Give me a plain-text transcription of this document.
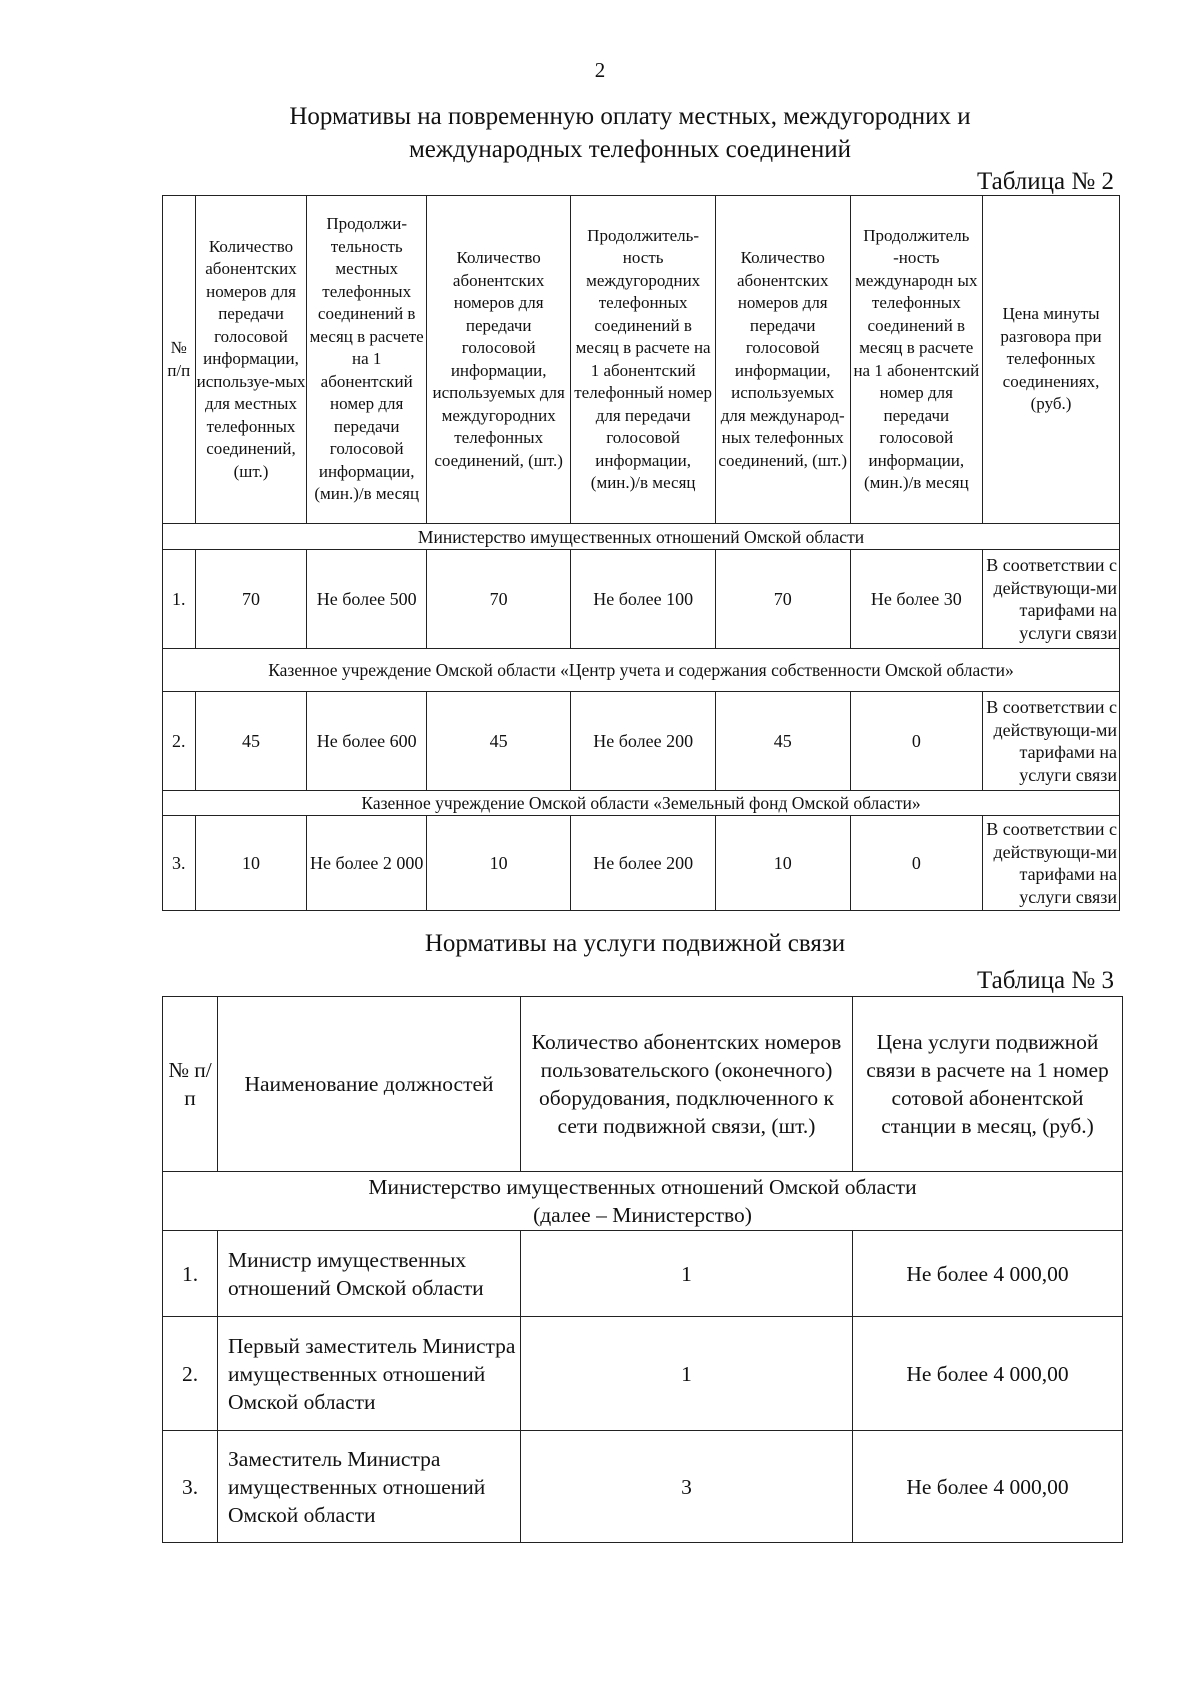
2
Нормативы на повременную оплату местных, междугородних и
международных телефонных соединений
Таблица № 2
№ п/п	Количество абонентских номеров для передачи голосовой информации, используе-мых для местных телефонных соединений, (шт.)	Продолжи-тельность местных телефонных соединений в месяц в расчете на 1 абонентский номер для передачи голосовой информации, (мин.)/в месяц	Количество абонентских номеров для передачи голосовой информации, используемых для междугородних телефонных соединений, (шт.)	Продолжитель-ность междугородних телефонных соединений в месяц в расчете на 1 абонентский телефонный номер для передачи голосовой информации, (мин.)/в месяц	Количество абонентских номеров для передачи голосовой информации, используемых для международ-ных телефонных соединений, (шт.)	Продолжитель -ность международн ых телефонных соединений в месяц в расчете на 1 абонентский номер для передачи голосовой информации, (мин.)/в месяц	Цена минуты разговора при телефонных соединениях, (руб.)
Министерство имущественных отношений Омской области							
1.	70	Не более 500	70	Не более 100	70	Не более 30	В соответствии с действующи-ми тарифами на услуги связи
Казенное учреждение Омской области «Центр учета и содержания собственности Омской области»							
2.	45	Не более 600	45	Не более 200	45	0	В соответствии с действующи-ми тарифами на услуги связи
Казенное учреждение Омской области «Земельный фонд Омской области»							
3.	10	Не более 2 000	10	Не более 200	10	0	В соответствии с действующи-ми тарифами на услуги связи
Нормативы на услуги подвижной связи
Таблица № 3
№ п/п	Наименование должностей	Количество абонентских номеров пользовательского (оконечного) оборудования, подключенного к сети подвижной связи, (шт.)	Цена услуги подвижной связи в расчете на 1 номер сотовой абонентской станции в месяц, (руб.)

Министерство имущественных отношений Омской области
(далее – Министерство)			

1.	Министр имущественных отношений Омской области	1	Не более 4 000,00
2.	Первый заместитель Министра имущественных отношений Омской области	1	Не более 4 000,00
3.	Заместитель Министра имущественных отношений Омской области	3	Не более 4 000,00
